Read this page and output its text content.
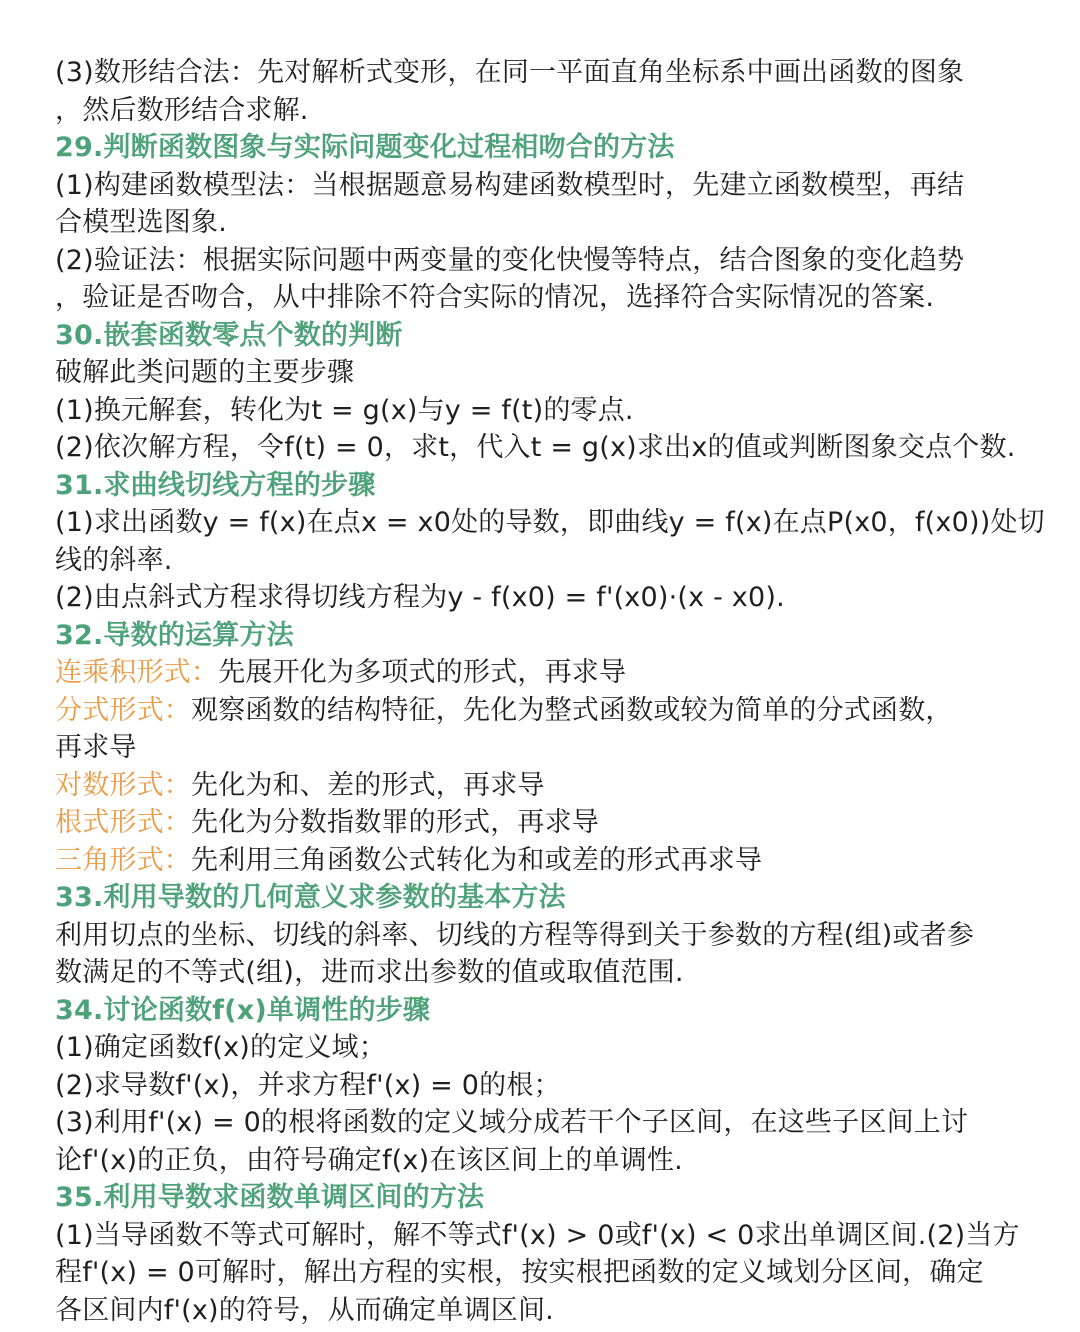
(3)数形结合法：先对解析式变形，在同一平面直角坐标系中画出函数的图象
，然后数形结合求解.
29.判断函数图象与实际问题变化过程相吻合的方法
(1)构建函数模型法：当根据题意易构建函数模型时，先建立函数模型，再结
合模型选图象.
(2)验证法：根据实际问题中两变量的变化快慢等特点，结合图象的变化趋势
，验证是否吻合，从中排除不符合实际的情况，选择符合实际情况的答案.
30.嵌套函数零点个数的判断
破解此类问题的主要步骤
(1)换元解套，转化为t = g(x)与y = f(t)的零点.
(2)依次解方程，令f(t) = 0，求t，代入t = g(x)求出x的值或判断图象交点个数.
31.求曲线切线方程的步骤
(1)求出函数y = f(x)在点x = x0处的导数，即曲线y = f(x)在点P(x0，f(x0))处切
线的斜率.
(2)由点斜式方程求得切线方程为y - f(x0) = f'(x0)·(x - x0).
32.导数的运算方法
连乘积形式：先展开化为多项式的形式，再求导
分式形式：观察函数的结构特征，先化为整式函数或较为简单的分式函数，
再求导
对数形式：先化为和、差的形式，再求导
根式形式：先化为分数指数罪的形式，再求导
三角形式：先利用三角函数公式转化为和或差的形式再求导
33.利用导数的几何意义求参数的基本方法
利用切点的坐标、切线的斜率、切线的方程等得到关于参数的方程(组)或者参
数满足的不等式(组)，进而求出参数的值或取值范围.
34.讨论函数f(x)单调性的步骤
(1)确定函数f(x)的定义域；
(2)求导数f'(x)，并求方程f'(x) = 0的根；
(3)利用f'(x) = 0的根将函数的定义域分成若干个子区间，在这些子区间上讨
论f'(x)的正负，由符号确定f(x)在该区间上的单调性.
35.利用导数求函数单调区间的方法
(1)当导函数不等式可解时，解不等式f'(x) > 0或f'(x) < 0求出单调区间.(2)当方
程f'(x) = 0可解时，解出方程的实根，按实根把函数的定义域划分区间，确定
各区间内f'(x)的符号，从而确定单调区间.
